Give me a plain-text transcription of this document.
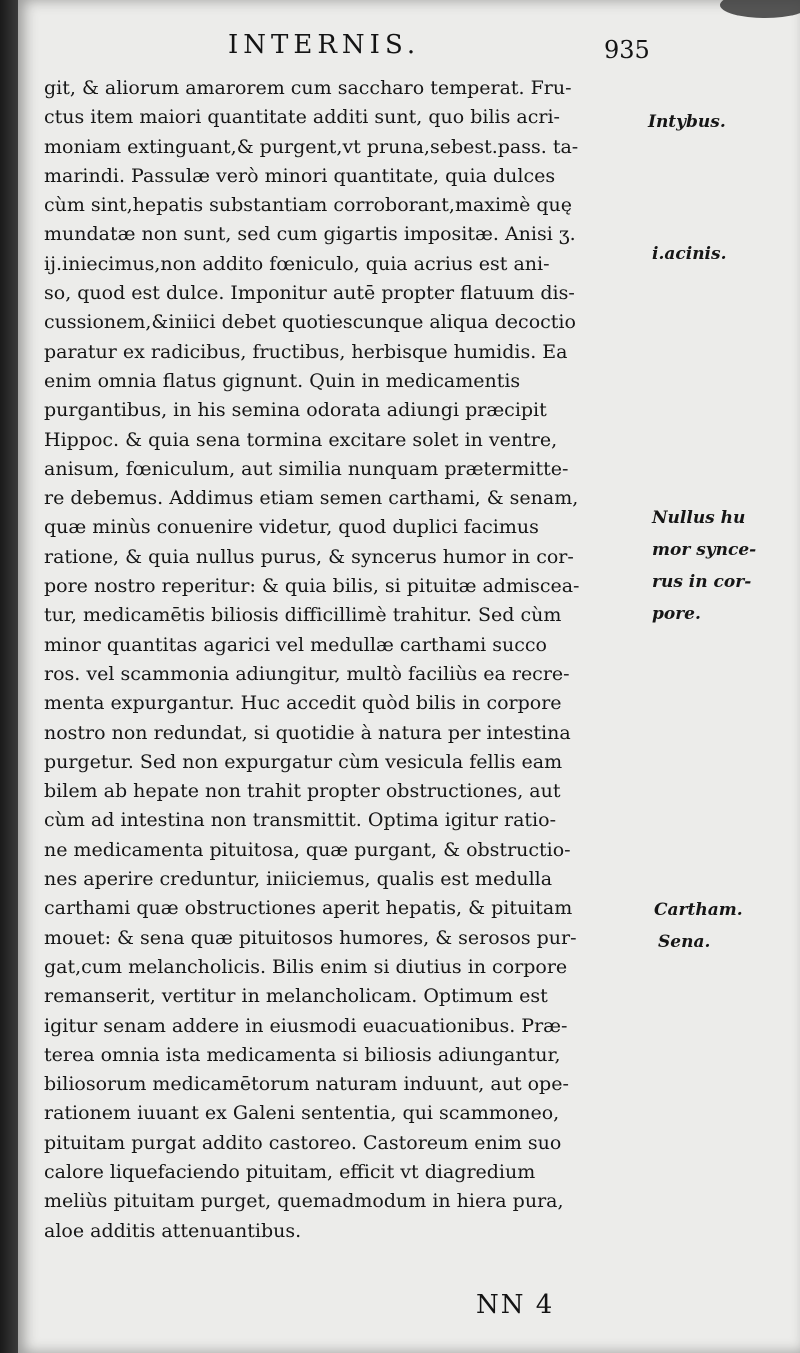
INTERNIS.	935
git, & aliorum amarorem cum saccharo temperat. Fru-
ctus item maiori quantitate additi sunt, quo bilis acri-
moniam extinguant,& purgent,vt pruna,sebest.pass. ta-
marindi. Passulæ verò minori quantitate, quia dulces
cùm sint,hepatis substantiam corroborant,maximè quę
mundatæ non sunt, sed cum gigartis impositæ. Anisi ʒ.
ij.iniecimus,non addito fœniculo, quia acrius est ani-
so, quod est dulce. Imponitur autē propter flatuum dis-
cussionem,&iniici debet quotiescunque aliqua decoctio
paratur ex radicibus, fructibus, herbisque humidis. Ea
enim omnia flatus gignunt. Quin in medicamentis
purgantibus, in his semina odorata adiungi præcipit
Hippoc. & quia sena tormina excitare solet in ventre,
anisum, fœniculum, aut similia nunquam prætermitte-
re debemus. Addimus etiam semen carthami, & senam,
quæ minùs conuenire videtur, quod duplici facimus
ratione, & quia nullus purus, & syncerus humor in cor-
pore nostro reperitur: & quia bilis, si pituitæ admiscea-
tur, medicamētis biliosis difficillimè trahitur. Sed cùm
minor quantitas agarici vel medullæ carthami succo
ros. vel scammonia adiungitur, multò faciliùs ea recre-
menta expurgantur. Huc accedit quòd bilis in corpore
nostro non redundat, si quotidie à natura per intestina
purgetur. Sed non expurgatur cùm vesicula fellis eam
bilem ab hepate non trahit propter obstructiones, aut
cùm ad intestina non transmittit. Optima igitur ratio-
ne medicamenta pituitosa, quæ purgant, & obstructio-
nes aperire creduntur, iniiciemus, qualis est medulla
carthami quæ obstructiones aperit hepatis, & pituitam
mouet: & sena quæ pituitosos humores, & serosos pur-
gat,cum melancholicis. Bilis enim si diutius in corpore
remanserit, vertitur in melancholicam. Optimum est
igitur senam addere in eiusmodi euacuationibus. Præ-
terea omnia ista medicamenta si biliosis adiungantur,
biliosorum medicamētorum naturam induunt, aut ope-
rationem iuuant ex Galeni sententia, qui scammoneo,
pituitam purgat addito castoreo. Castoreum enim suo
calore liquefaciendo pituitam, efficit vt diagredium
meliùs pituitam purget, quemadmodum in hiera pura,
aloe additis attenuantibus.
Intybus.
i.acinis.
Nullus hu
mor synce-
rus in cor-
pore.
Cartham.
Sena.
NN 4
